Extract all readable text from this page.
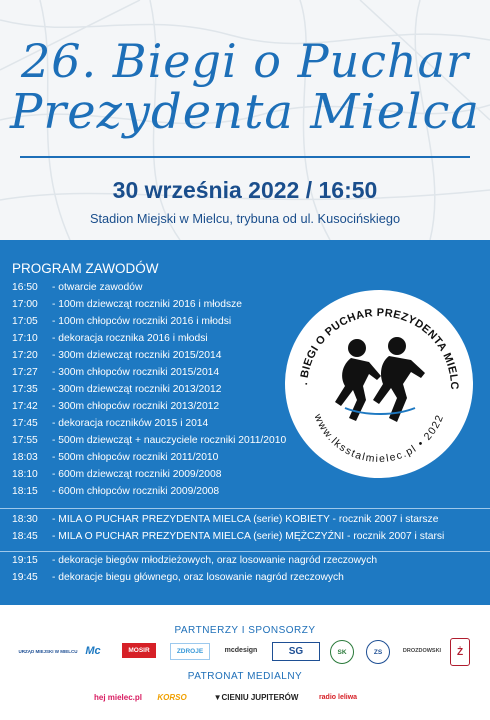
26. Biegi o Puchar
Prezydenta Mielca
30 września 2022 / 16:50
Stadion Miejski w Mielcu, trybuna od ul. Kusocińskiego
PROGRAM ZAWODÓW
16:50 - otwarcie zawodów
17:00 - 100m dziewcząt roczniki 2016 i młodsze
17:05 - 100m chłopców roczniki 2016 i młodsi
17:10 - dekoracja rocznika 2016 i młodsi
17:20 - 300m dziewcząt roczniki 2015/2014
17:27 - 300m chłopców roczniki 2015/2014
17:35 - 300m dziewcząt roczniki 2013/2012
17:42 - 300m chłopców roczniki 2013/2012
17:45 - dekoracja roczników 2015 i 2014
17:55 - 500m dziewcząt + nauczyciele roczniki 2011/2010
18:03 - 500m chłopców roczniki 2011/2010
18:10 - 600m dziewcząt roczniki 2009/2008
18:15 - 600m chłopców roczniki 2009/2008
18:30 - MILA O PUCHAR PREZYDENTA MIELCA (serie) KOBIETY - rocznik 2007 i starsze
18:45 - MILA O PUCHAR PREZYDENTA MIELCA (serie) MĘŻCZYŹNI - rocznik 2007 i starsi
19:15 - dekoracje biegów młodzieżowych, oraz losowanie nagród rzeczowych
19:45 - dekoracje biegu głównego, oraz losowanie nagród rzeczowych
. BIEGI O PUCHAR PREZYDENTA MIELC
www.lksstalmielec.pl • 2022
PARTNERZY I SPONSORZY
URZĄD MIEJSKI W MIELCU Mc	MOSIR	ZDROJE	mcdesign	SG	SK	ZS	DROZDOWSKI Ż
PATRONAT MEDIALNY
hej mielec.pl KORSO	▼CIENIU JUPITERÓW	radio leliwa
